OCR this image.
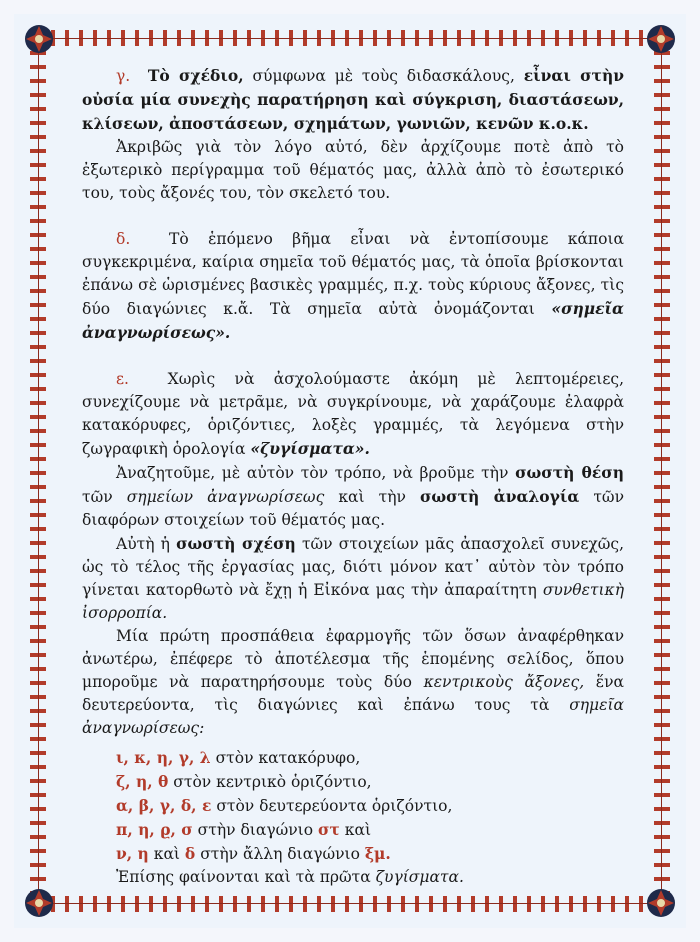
γ. Τὸ σχέδιο, σύμφωνα μὲ τοὺς διδασκάλους, εἶναι στὴν οὐσία μία συνεχὴς παρατήρηση καὶ σύγκριση, διαστάσεων, κλίσεων, ἀποστάσεων, σχημάτων, γωνιῶν, κενῶν κ.ο.κ.

Ἀκριβῶς γιὰ τὸν λόγο αὐτό, δὲν ἀρχίζουμε ποτὲ ἀπὸ τὸ ἐξωτερικὸ περίγραμμα τοῦ θέματός μας, ἀλλὰ ἀπὸ τὸ ἐσωτερικό του, τοὺς ἄξονές του, τὸν σκελετό του.

δ.	Τὸ ἑπόμενο βῆμα εἶναι νὰ ἐντοπίσουμε κάποια συγκεκριμένα, καίρια σημεῖα τοῦ θέματός μας, τὰ ὁποῖα βρίσκονται ἐπάνω σὲ ὡρισμένες βασικὲς γραμμές, π.χ. τοὺς κύριους ἄξονες, τὶς δύο διαγώνιες κ.ἄ. Τὰ σημεῖα αὐτὰ ὀνομάζονται «σημεῖα ἀναγνωρίσεως».

ε. Χωρὶς νὰ ἀσχολούμαστε ἀκόμη μὲ λεπτομέρειες, συνεχίζουμε νὰ μετρᾶμε, νὰ συγκρίνουμε, νὰ χαράζουμε ἐλαφρὰ κατακόρυφες, ὁριζόντιες, λοξὲς γραμμές, τὰ λεγόμενα στὴν ζωγραφικὴ ὁρολογία «ζυγίσματα».

Ἀναζητοῦμε, μὲ αὐτὸν τὸν τρόπο, νὰ βροῦμε τὴν σωστὴ θέση τῶν σημείων ἀναγνωρίσεως καὶ τὴν σωστὴ ἀναλογία τῶν διαφόρων στοιχείων τοῦ θέματός μας.

Αὐτὴ ἡ σωστὴ σχέση τῶν στοιχείων μᾶς ἀπασχολεῖ συνεχῶς, ὡς τὸ τέλος τῆς ἐργασίας μας, διότι μόνον κατ᾽ αὐτὸν τὸν τρόπο γίνεται κατορθωτὸ νὰ ἔχῃ ἡ Εἰκόνα μας τὴν ἀπαραίτητη συνθετικὴ ἰσορροπία.

Μία πρώτη προσπάθεια ἐφαρμογῆς τῶν ὅσων ἀναφέρθηκαν ἀνωτέρω, ἐπέφερε τὸ ἀποτέλεσμα τῆς ἑπομένης σελίδος, ὅπου μποροῦμε νὰ παρατηρήσουμε τοὺς δύο κεντρικοὺς ἄξονες, ἕνα δευτερεύοντα, τὶς διαγώνιες καὶ ἐπάνω τους τὰ σημεῖα ἀναγνωρίσεως:

ι, κ, η, γ, λ στὸν κατακόρυφο,
ζ, η, θ στὸν κεντρικὸ ὁριζόντιο,
α, β, γ, δ, ε στὸν δευτερεύοντα ὁριζόντιο,
π, η, ϱ, σ στὴν διαγώνιο στ καὶ
ν, η καὶ δ στὴν ἄλλη διαγώνιο ξμ.

Ἐπίσης φαίνονται καὶ τὰ πρῶτα ζυγίσματα.
